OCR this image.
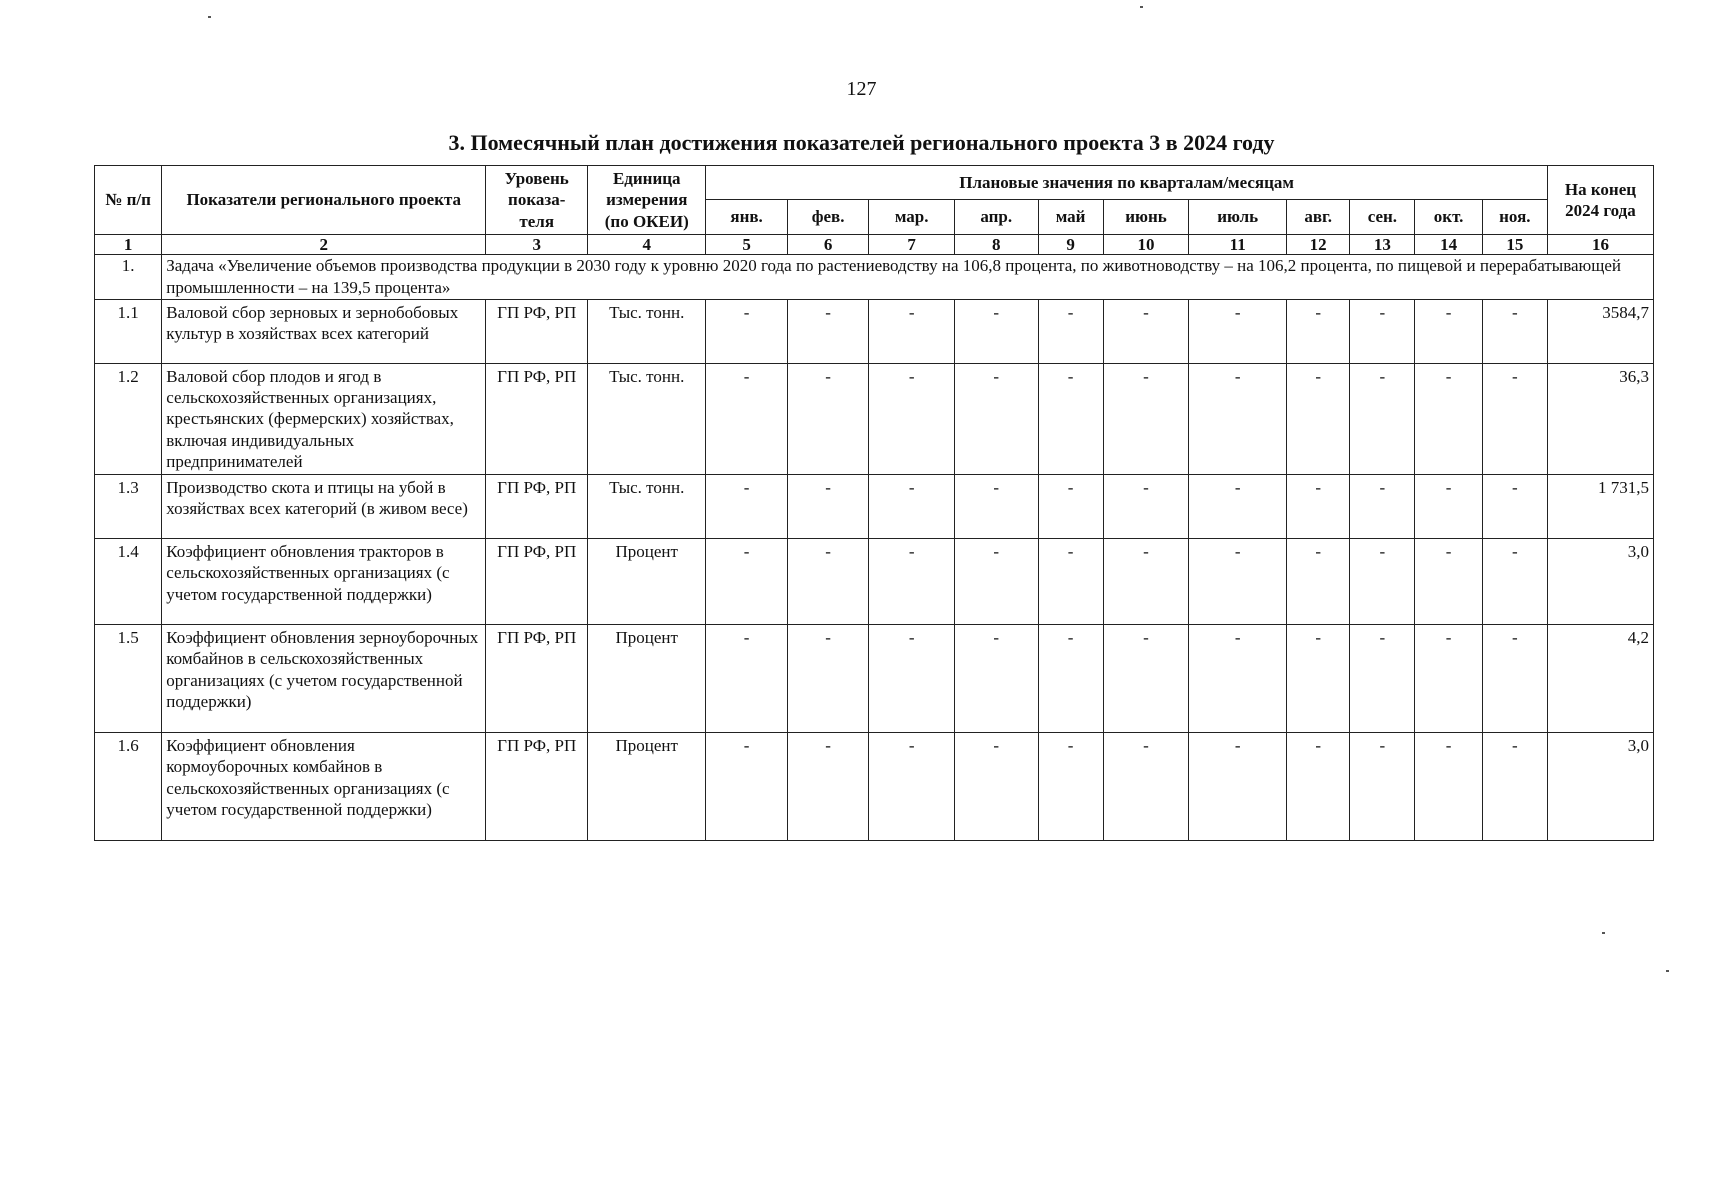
127
3. Помесячный план достижения показателей регионального проекта 3 в 2024 году
№ п/п	Показатели регионального проекта	Уровень показа- теля	Единица измерения (по ОКЕИ)	Плановые значения по кварталам/месяцам											На конец 2024 года
				янв.	фев.	мар.	апр.	май	июнь	июль	авг.	сен.	окт.	ноя.	
1	2	3	4	5	6	7	8	9	10	11	12	13	14	15	16
1.	Задача «Увеличение объемов производства продукции в 2030 году к уровню 2020 года по растениеводству на 106,8 процента, по животноводству – на 106,2 процента, по пищевой и перерабатывающей промышленности – на 139,5 процента»														
1.1	Валовой сбор зерновых и зернобобовых культур в хозяйствах всех категорий	ГП РФ, РП	Тыс. тонн.	-	-	-	-	-	-	-	-	-	-	-	3584,7
1.2	Валовой сбор плодов и ягод в сельскохозяйственных организациях, крестьянских (фермерских) хозяйствах, включая индивидуальных предпринимателей	ГП РФ, РП	Тыс. тонн.	-	-	-	-	-	-	-	-	-	-	-	36,3
1.3	Производство скота и птицы на убой в хозяйствах всех категорий (в живом весе)	ГП РФ, РП	Тыс. тонн.	-	-	-	-	-	-	-	-	-	-	-	1 731,5
1.4	Коэффициент обновления тракторов в сельскохозяйственных организациях (с учетом государственной поддержки)	ГП РФ, РП	Процент	-	-	-	-	-	-	-	-	-	-	-	3,0
1.5	Коэффициент обновления зерноуборочных комбайнов в сельскохозяйственных организациях (с учетом государственной поддержки)	ГП РФ, РП	Процент	-	-	-	-	-	-	-	-	-	-	-	4,2
1.6	Коэффициент обновления кормоуборочных комбайнов в сельскохозяйственных организациях (с учетом государственной поддержки)	ГП РФ, РП	Процент	-	-	-	-	-	-	-	-	-	-	-	3,0
